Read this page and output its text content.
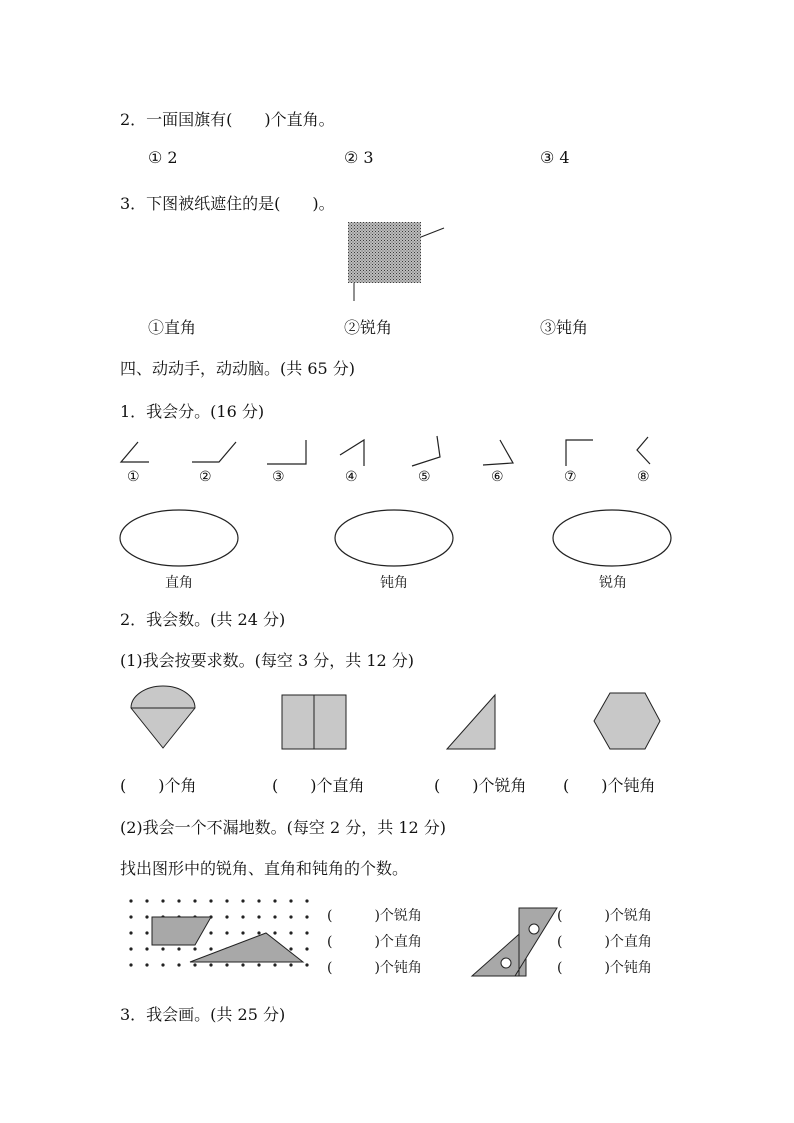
2．一面国旗有(　　)个直角。
① 2	② 3	③ 4
3．下图被纸遮住的是(　　)。
①直角	②锐角	③钝角
四、动动手，动动脑。(共 65 分)
1．我会分。(16 分)
①	②	③	④	⑤	⑥	⑦	⑧
直角	钝角	锐角
2．我会数。(共 24 分)
(1)我会按要求数。(每空 3 分，共 12 分)
(　　)个角	(　　)个直角	(　　)个锐角 (　　)个钝角
(2)我会一个不漏地数。(每空 2 分，共 12 分)
找出图形中的锐角、直角和钝角的个数。
(　　　)个锐角
(　　　)个直角
(　　　)个钝角
(　　　)个锐角
(　　　)个直角
(　　　)个钝角
3．我会画。(共 25 分)
